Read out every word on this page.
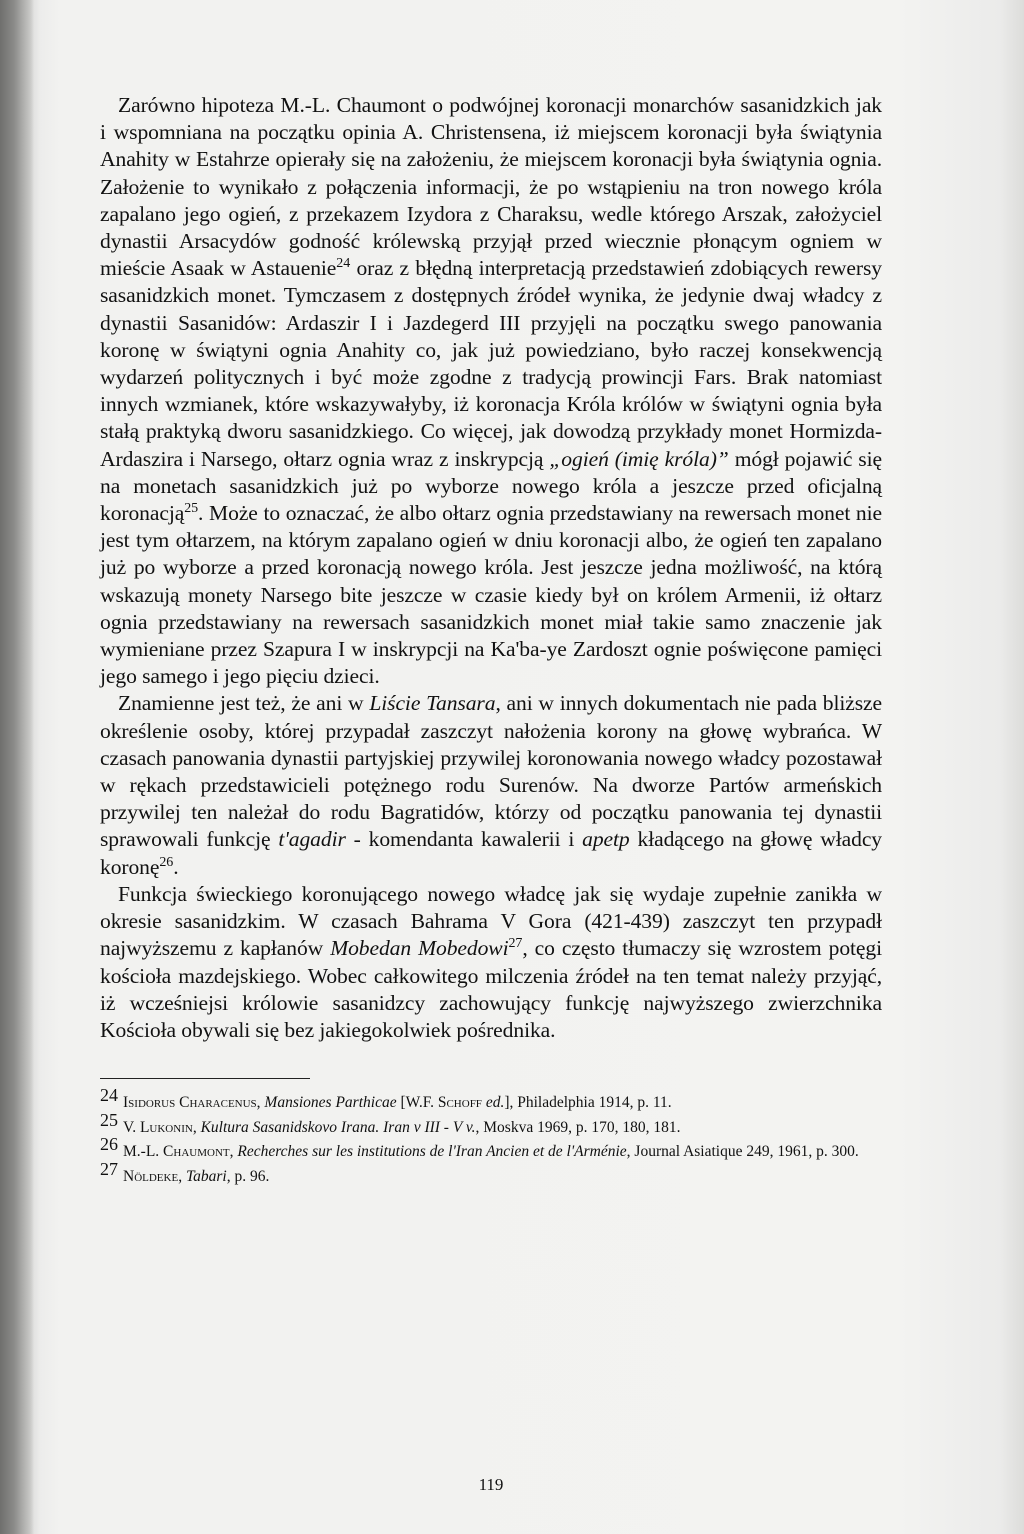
Zarówno hipoteza M.-L. Chaumont o podwójnej koronacji monarchów sasanidzkich jak i wspomniana na początku opinia A. Christensena, iż miejscem koronacji była świątynia Anahity w Estahrze opierały się na założeniu, że miejscem koronacji była świątynia ognia. Założenie to wynikało z połączenia informacji, że po wstąpieniu na tron nowego króla zapalano jego ogień, z przekazem Izydora z Charaksu, wedle którego Arszak, założyciel dynastii Arsacydów godność królewską przyjął przed wiecznie płonącym ogniem w mieście Asaak w Astauenie$^{24}$ oraz z błędną interpretacją przedstawień zdobiących rewersy sasanidzkich monet. Tymczasem z dostępnych źródeł wynika, że jedynie dwaj władcy z dynastii Sasanidów: Ardaszir I i Jazdegerd III przyjęli na początku swego panowania koronę w świątyni ognia Anahity co, jak już powiedziano, było raczej konsekwencją wydarzeń politycznych i być może zgodne z tradycją prowincji Fars. Brak natomiast innych wzmianek, które wskazywałyby, iż koronacja Króla królów w świątyni ognia była stałą praktyką dworu sasanidzkiego. Co więcej, jak dowodzą przykłady monet Hormizda-Ardaszira i Narsego, ołtarz ognia wraz z inskrypcją „ogień (imię króla)” mógł pojawić się na monetach sasanidzkich już po wyborze nowego króla a jeszcze przed oficjalną koronacją$^{25}$. Może to oznaczać, że albo ołtarz ognia przedstawiany na rewersach monet nie jest tym ołtarzem, na którym zapalano ogień w dniu koronacji albo, że ogień ten zapalano już po wyborze a przed koronacją nowego króla. Jest jeszcze jedna możliwość, na którą wskazują monety Narsego bite jeszcze w czasie kiedy był on królem Armenii, iż ołtarz ognia przedstawiany na rewersach sasanidzkich monet miał takie samo znaczenie jak wymieniane przez Szapura I w inskrypcji na Ka'ba-ye Zardoszt ognie poświęcone pamięci jego samego i jego pięciu dzieci.

Znamienne jest też, że ani w Liście Tansara, ani w innych dokumentach nie pada bliższe określenie osoby, której przypadał zaszczyt nałożenia korony na głowę wybrańca. W czasach panowania dynastii partyjskiej przywilej koronowania nowego władcy pozostawał w rękach przedstawicieli potężnego rodu Surenów. Na dworze Partów armeńskich przywilej ten należał do rodu Bagratidów, którzy od początku panowania tej dynastii sprawowali funkcję t'agadir - komendanta kawalerii i apetp kładącego na głowę władcy koronę$^{26}$.

Funkcja świeckiego koronującego nowego władcę jak się wydaje zupełnie zanikła w okresie sasanidzkim. W czasach Bahrama V Gora (421-439) zaszczyt ten przypadł najwyższemu z kapłanów Mobedan Mobedowi$^{27}$, co często tłumaczy się wzrostem potęgi kościoła mazdejskiego. Wobec całkowitego milczenia źródeł na ten temat należy przyjąć, iż wcześniejsi królowie sasanidzcy zachowujący funkcję najwyższego zwierzchnika Kościoła obywali się bez jakiegokolwiek pośrednika.

24 Isidorus Characenus, Mansiones Parthicae [W.F. Schoff ed.], Philadelphia 1914, p. 11.
25 V. Lukonin, Kultura Sasanidskovo Irana. Iran v III - V v., Moskva 1969, p. 170, 180, 181.
26 M.-L. Chaumont, Recherches sur les institutions de l'Iran Ancien et de l'Arménie, Journal Asiatique 249, 1961, p. 300.
27 Nöldeke, Tabari, p. 96.
119
